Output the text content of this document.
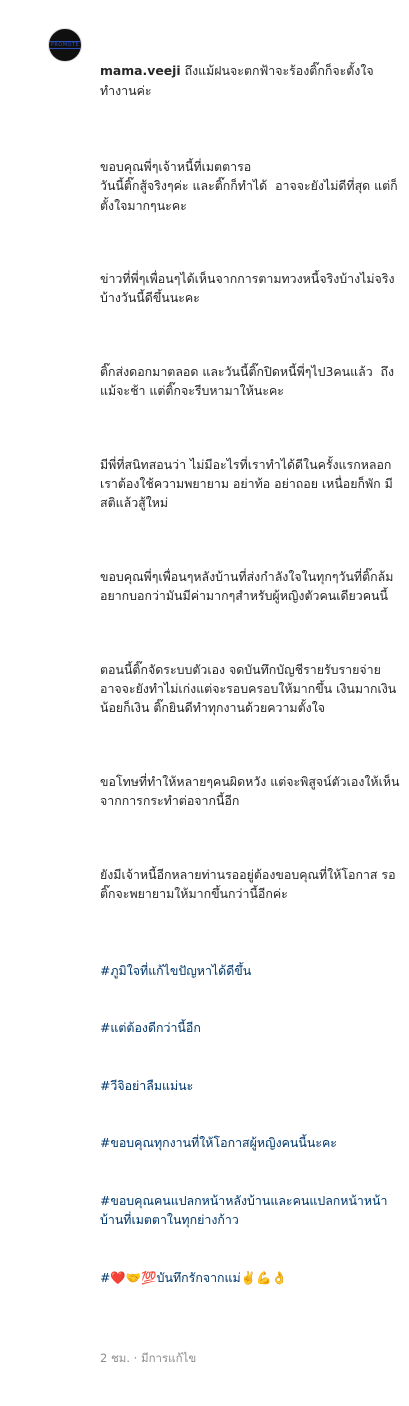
PROMOTE

mama.veeji ถึงแม้ฝนจะตกฟ้าจะร้องติ๊กก็จะตั้งใจทำงานค่ะ

ขอบคุณพี่ๆเจ้าหนี้ที่เมตตารอ
วันนี้ติ๊กสู้จริงๆค่ะ และติ๊กก็ทำได้  อาจจะยังไม่ดีที่สุด แต่ก็ตั้งใจมากๆนะคะ

ข่าวที่พี่ๆเพื่อนๆได้เห็นจากการตามทวงหนี้จริงบ้างไม่จริงบ้างวันนี้ดีขึ้นนะคะ

ติ๊กส่งดอกมาตลอด และวันนี้ติ๊กปิดหนี้พี่ๆไป3คนแล้ว  ถึงแม้จะช้า แต่ติ๊กจะรีบหามาให้นะคะ

มีพี่ที่สนิทสอนว่า ไม่มีอะไรที่เราทำได้ดีในครั้งแรกหลอก เราต้องใช้ความพยายาม อย่าท้อ อย่าถอย เหนื่อยก็พัก มีสติแล้วสู้ใหม่

ขอบคุณพี่ๆเพื่อนๆหลังบ้านที่ส่งกำลังใจในทุกๆวันที่ติ๊กล้ม อยากบอกว่ามันมีค่ามากๆสำหรับผู้หญิงตัวคนเดียวคนนี้

ตอนนี้ติ๊กจัดระบบตัวเอง จดบันทึกบัญชีรายรับรายจ่าย อาจจะยังทำไม่เก่งแต่จะรอบครอบให้มากขึ้น เงินมากเงินน้อยก็เงิน ติ๊กยินดีทำทุกงานด้วยความตั้งใจ

ขอโทษที่ทำให้หลายๆคนผิดหวัง แต่จะพิสูจน์ตัวเองให้เห็นจากการกระทำต่อจากนี้อีก

ยังมีเจ้าหนี้อีกหลายท่านรออยู่ต้องขอบคุณที่ให้โอกาส รอ ติ๊กจะพยายามให้มากขึ้นกว่านี้อีกค่ะ

#ภูมิใจที่แก้ไขปัญหาได้ดีขึ้น

#แต่ต้องดีกว่านี้อีก

#วีจิอย่าลืมแม่นะ

#ขอบคุณทุกงานที่ให้โอกาสผู้หญิงคนนี้นะคะ

#ขอบคุณคนแปลกหน้าหลังบ้านและคนแปลกหน้าหน้าบ้านที่เมตตาในทุกย่างก้าว

#❤️🤝💯บันทึกรักจากแม่✌️💪👌

2 ชม. · มีการแก้ไข
